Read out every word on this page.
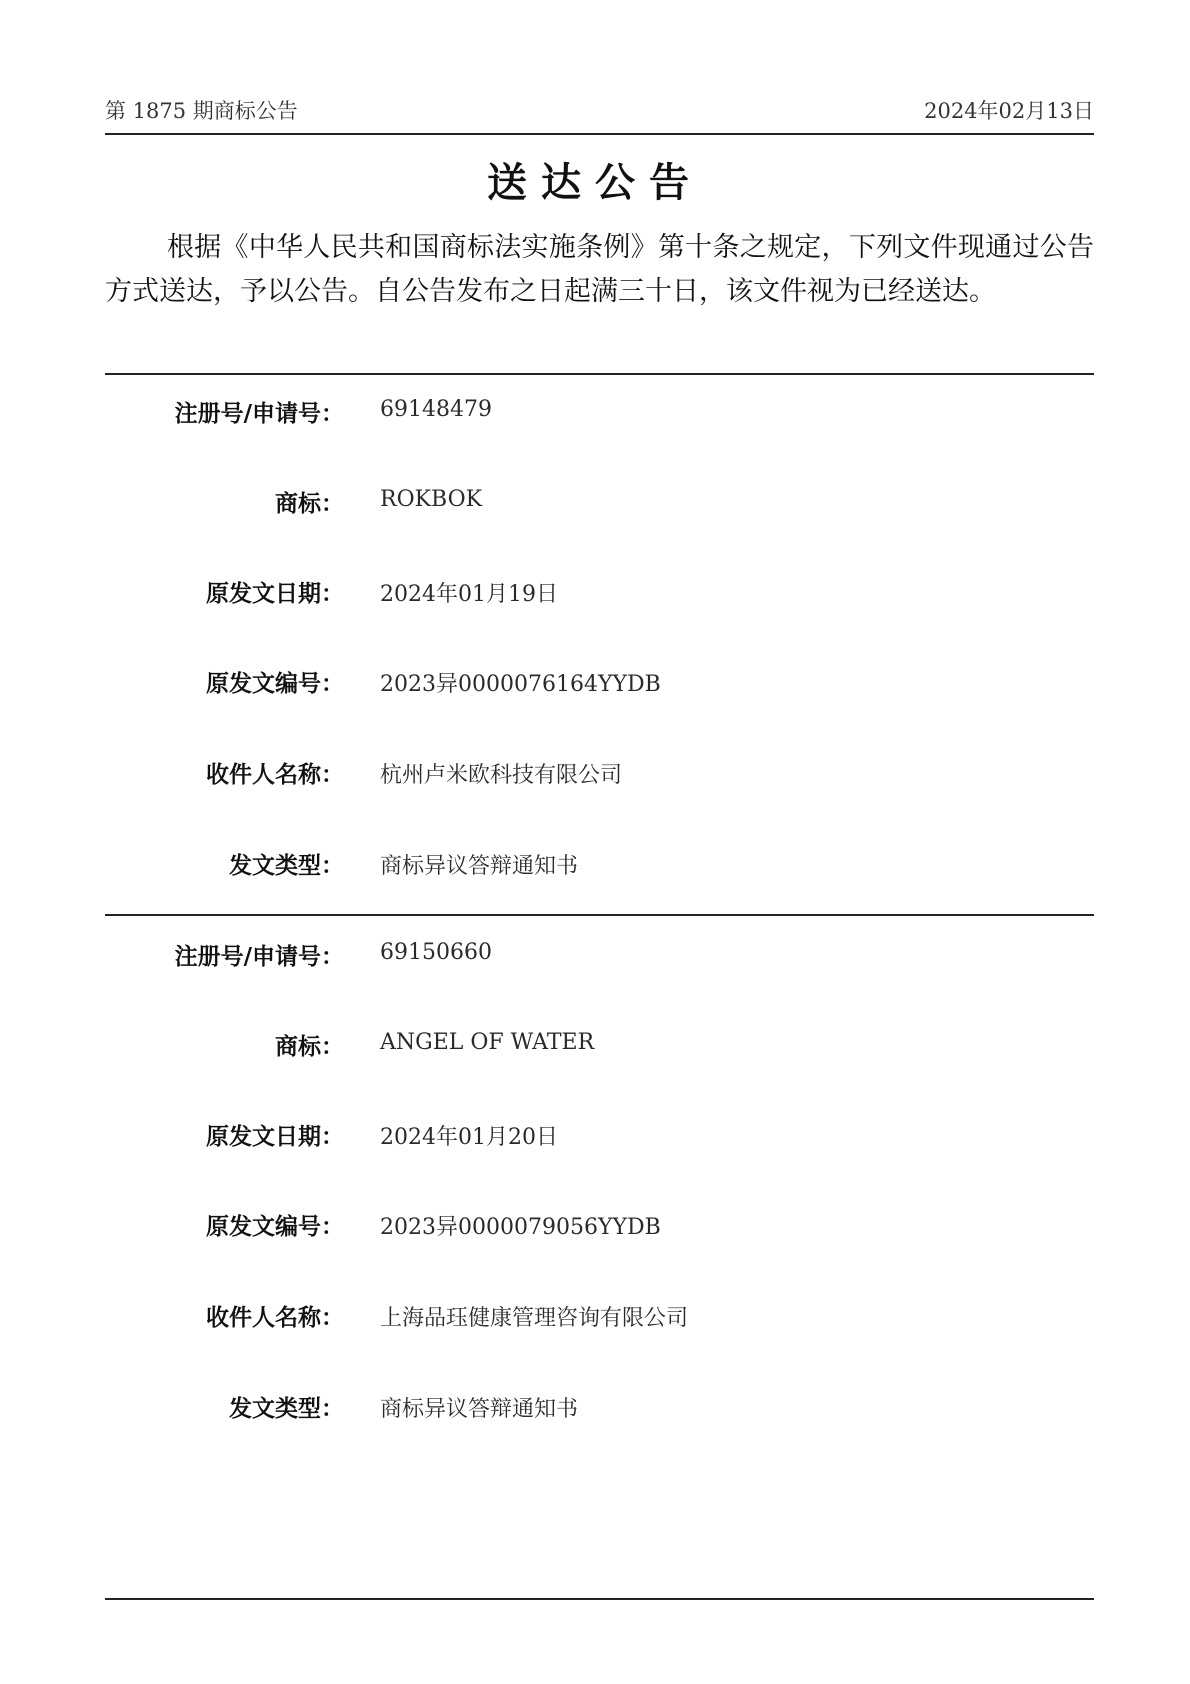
第 1875 期商标公告	2024年02月13日
送达公告
根据《中华人民共和国商标法实施条例》第十条之规定，下列文件现通过公告方式送达，予以公告。自公告发布之日起满三十日，该文件视为已经送达。
注册号/申请号： 69148479
商标： ROKBOK
原发文日期： 2024年01月19日
原发文编号： 2023异0000076164YYDB
收件人名称： 杭州卢米欧科技有限公司
发文类型： 商标异议答辩通知书
注册号/申请号： 69150660
商标： ANGEL OF WATER
原发文日期： 2024年01月20日
原发文编号： 2023异0000079056YYDB
收件人名称： 上海品珏健康管理咨询有限公司
发文类型： 商标异议答辩通知书
